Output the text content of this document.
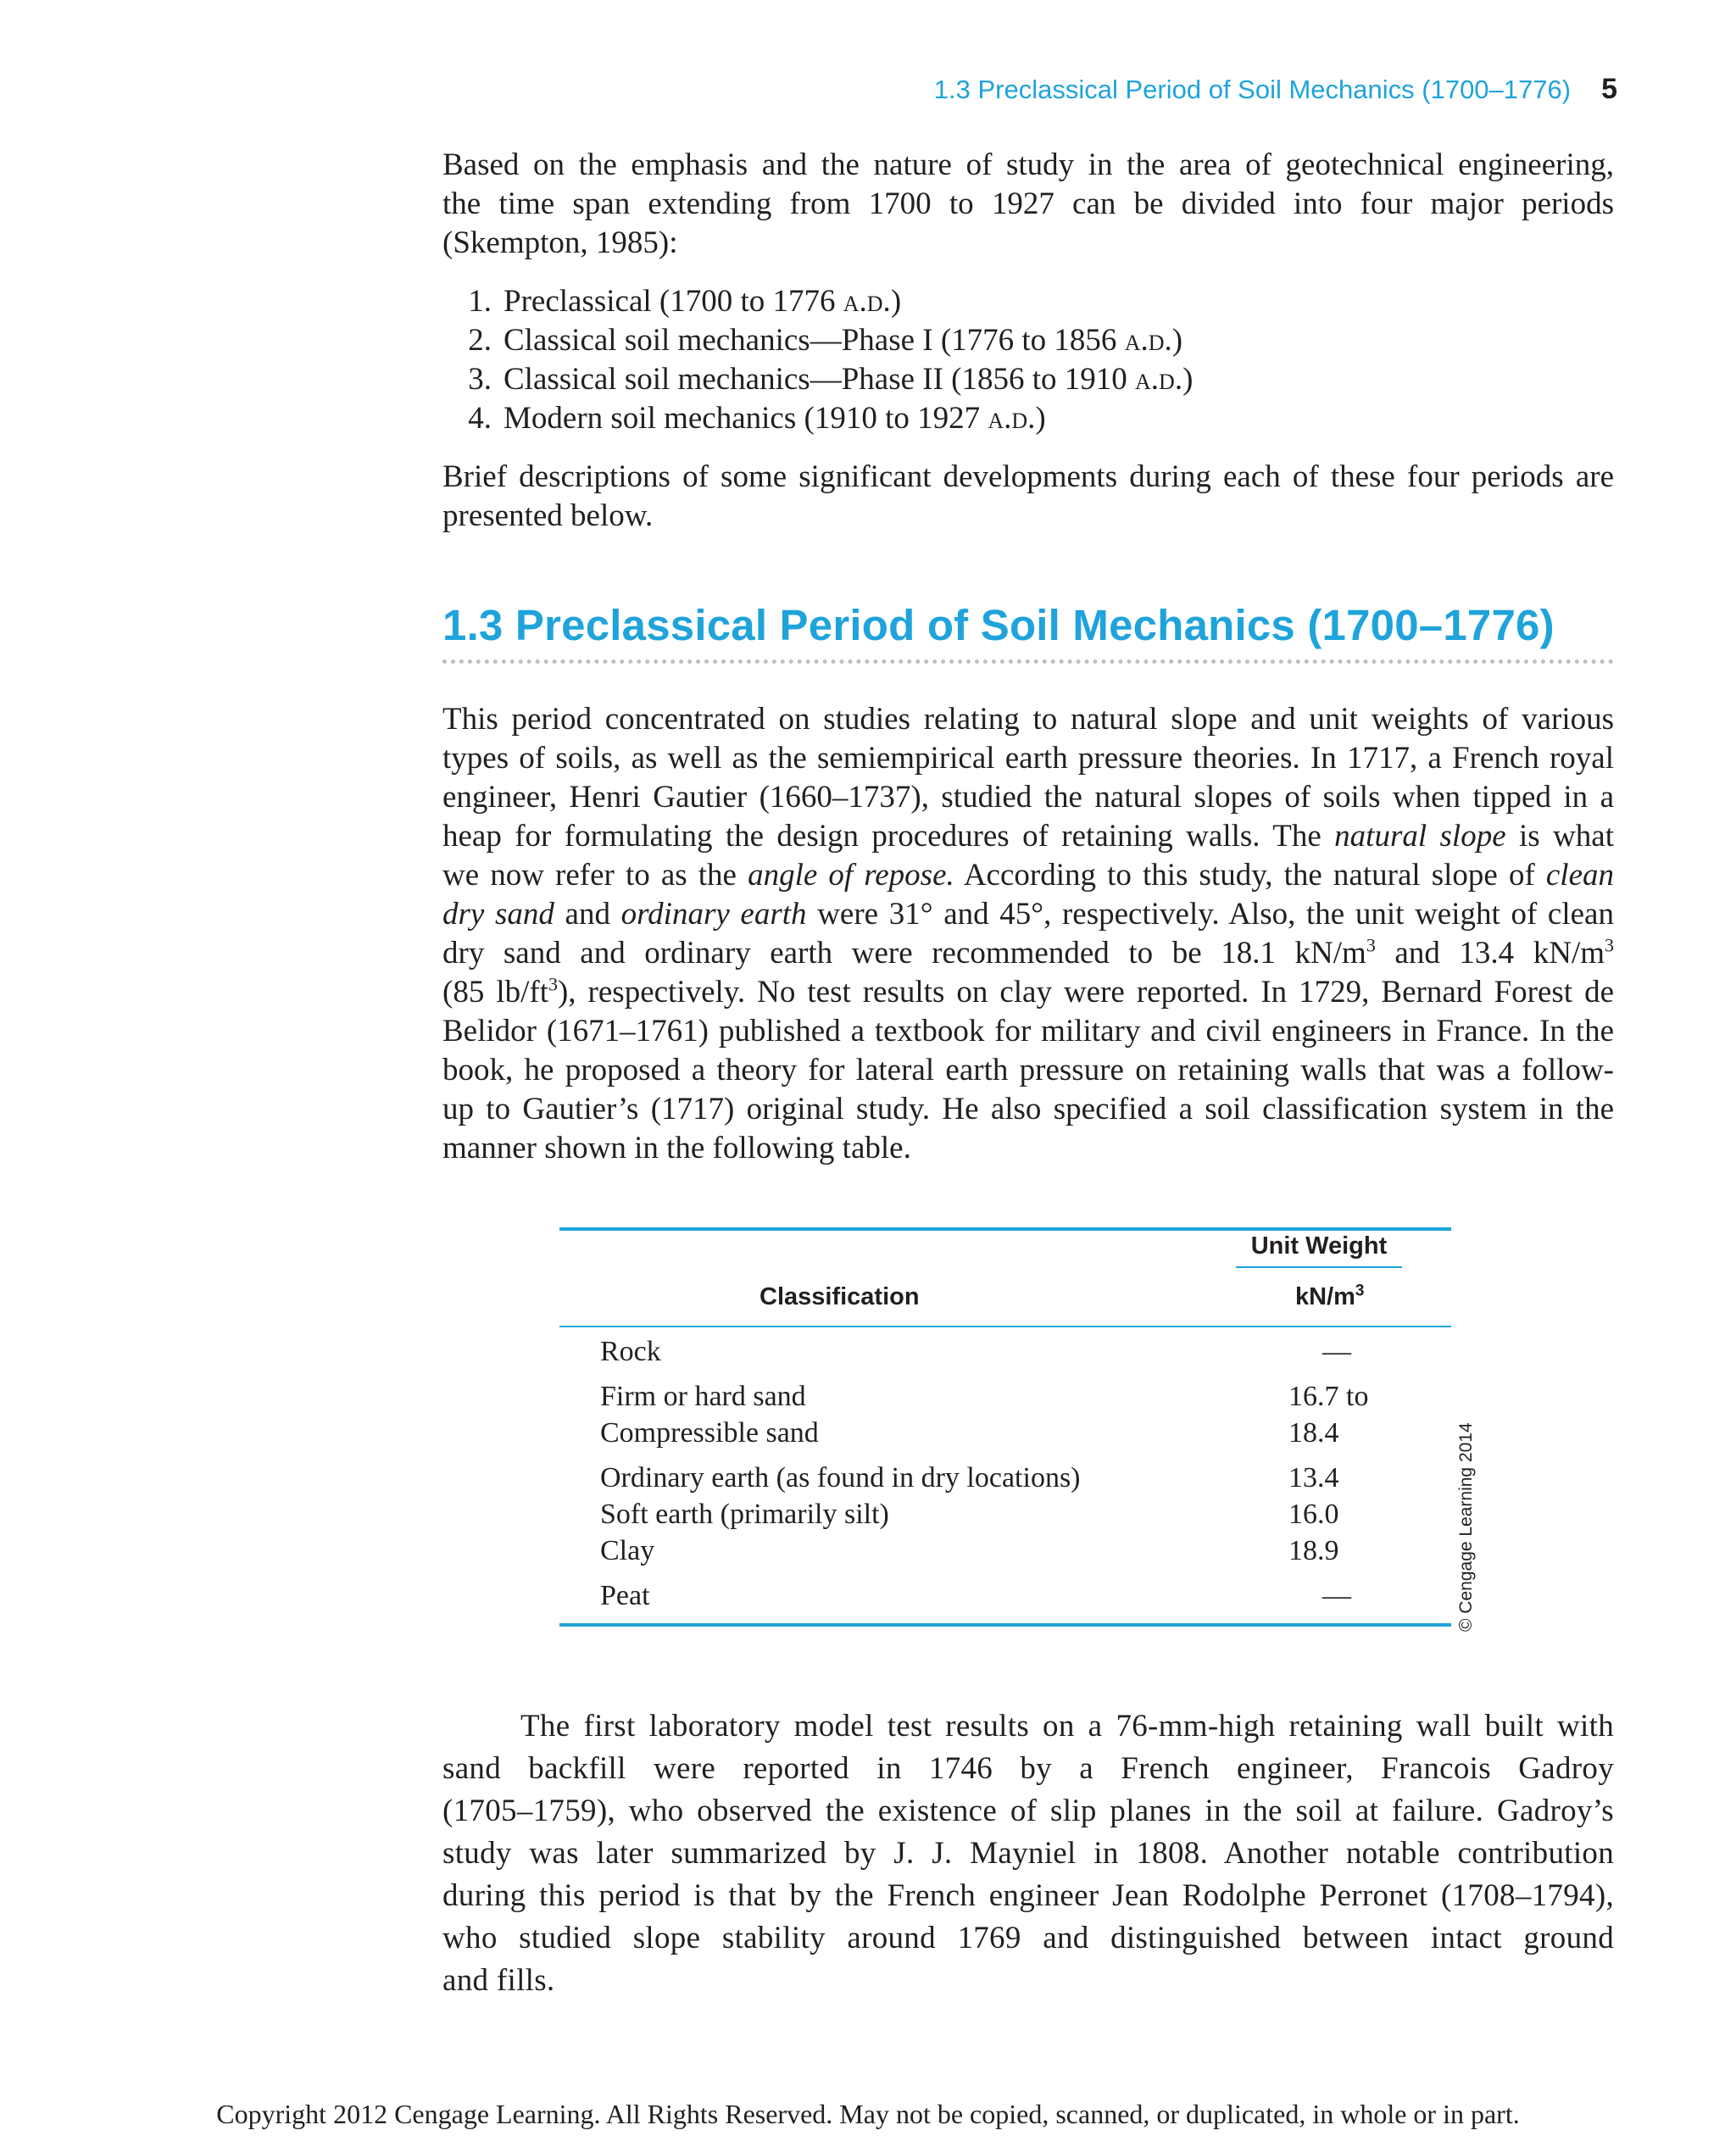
1.3 Preclassical Period of Soil Mechanics (1700–1776) 5

Based on the emphasis and the nature of study in the area of geotechnical engineering,
the time span extending from 1700 to 1927 can be divided into four major periods
(Skempton, 1985):

1. Preclassical (1700 to 1776 a.d.)
2. Classical soil mechanics—Phase I (1776 to 1856 a.d.)
3. Classical soil mechanics—Phase II (1856 to 1910 a.d.)
4. Modern soil mechanics (1910 to 1927 a.d.)

Brief descriptions of some significant developments during each of these four periods are
presented below.

1.3 Preclassical Period of Soil Mechanics (1700–1776)

This period concentrated on studies relating to natural slope and unit weights of various
types of soils, as well as the semiempirical earth pressure theories. In 1717, a French royal
engineer, Henri Gautier (1660–1737), studied the natural slopes of soils when tipped in a
heap for formulating the design procedures of retaining walls. The natural slope is what
we now refer to as the angle of repose. According to this study, the natural slope of clean
dry sand and ordinary earth were 31° and 45°, respectively. Also, the unit weight of clean
dry sand and ordinary earth were recommended to be 18.1 $kN/m^3$ and 13.4 $kN/m^3$
(85 $lb/ft^3$), respectively. No test results on clay were reported. In 1729, Bernard Forest de
Belidor (1671–1761) published a textbook for military and civil engineers in France. In the
book, he proposed a theory for lateral earth pressure on retaining walls that was a follow-
up to Gautier’s (1717) original study. He also specified a soil classification system in the
manner shown in the following table.

Unit Weight
Classification	$kN/m^3$
Rock	—
Firm or hard sand	16.7 to
Compressible sand	18.4
Ordinary earth (as found in dry locations)	13.4
Soft earth (primarily silt)	16.0
Clay	18.9
Peat	—	© Cengage Learning 2014

The first laboratory model test results on a 76-mm-high retaining wall built with
sand backfill were reported in 1746 by a French engineer, Francois Gadroy
(1705–1759), who observed the existence of slip planes in the soil at failure. Gadroy’s
study was later summarized by J. J. Mayniel in 1808. Another notable contribution
during this period is that by the French engineer Jean Rodolphe Perronet (1708–1794),
who studied slope stability around 1769 and distinguished between intact ground
and fills.

Copyright 2012 Cengage Learning. All Rights Reserved. May not be copied, scanned, or duplicated, in whole or in part.
